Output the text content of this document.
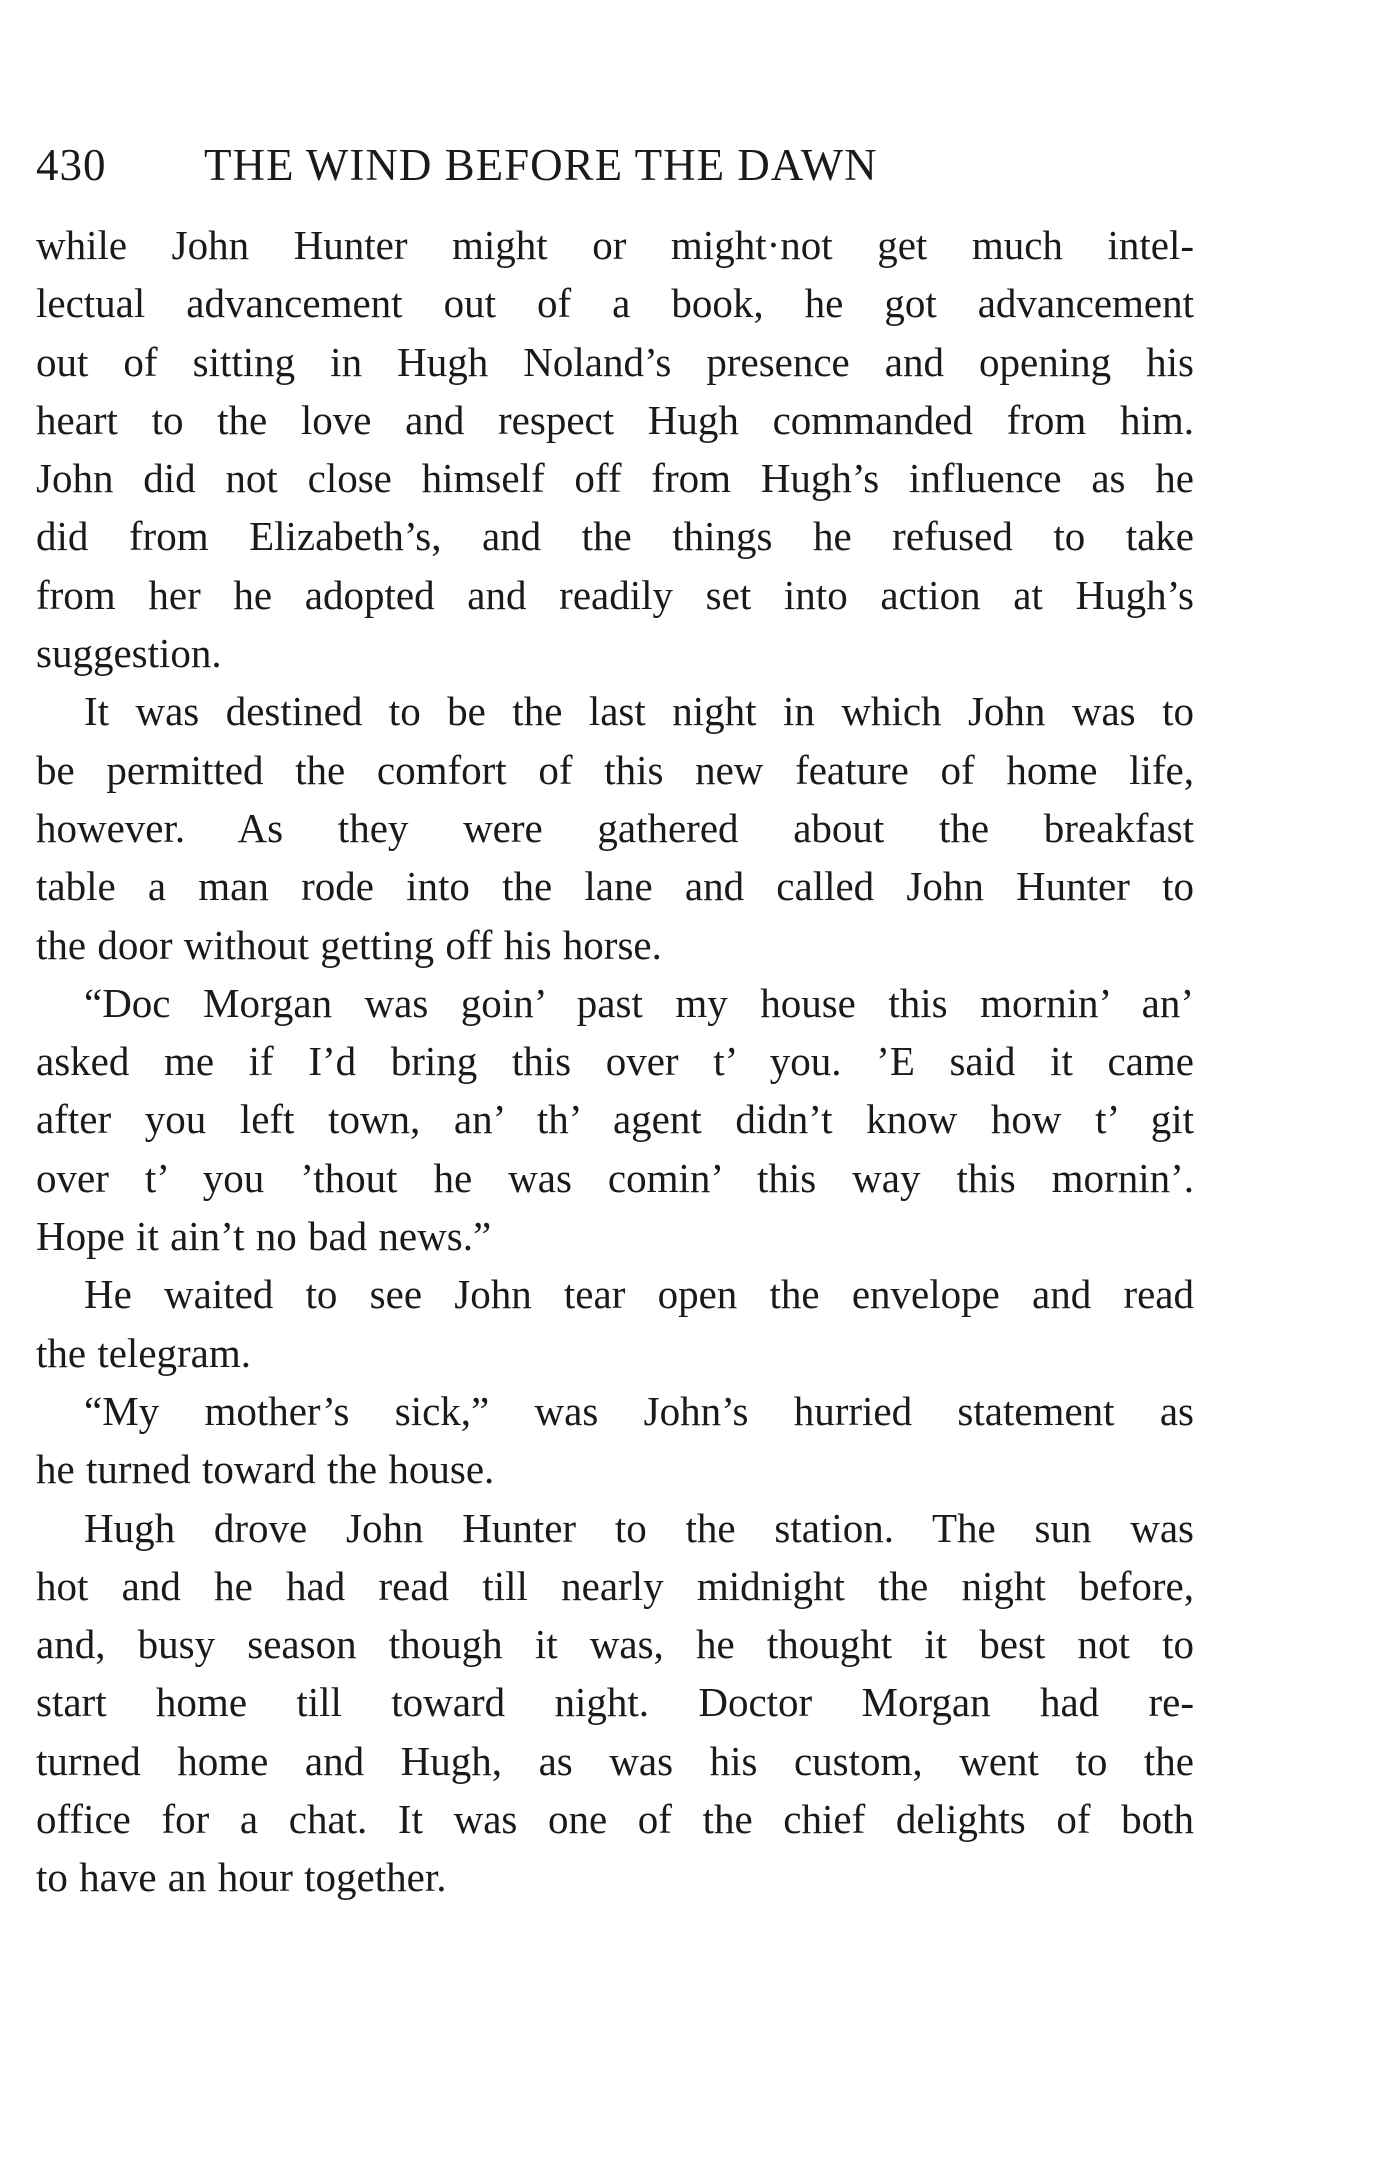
430 THE WIND BEFORE THE DAWN
while John Hunter might or might·not get much intel-
lectual advancement out of a book, he got advancement
out of sitting in Hugh Noland’s presence and opening his
heart to the love and respect Hugh commanded from him.
John did not close himself off from Hugh’s influence as he
did from Elizabeth’s, and the things he refused to take
from her he adopted and readily set into action at Hugh’s
suggestion.
It was destined to be the last night in which John was to
be permitted the comfort of this new feature of home life,
however. As they were gathered about the breakfast
table a man rode into the lane and called John Hunter to
the door without getting off his horse.
“Doc Morgan was goin’ past my house this mornin’ an’
asked me if I’d bring this over t’ you. ’E said it came
after you left town, an’ th’ agent didn’t know how t’ git
over t’ you ’thout he was comin’ this way this mornin’.
Hope it ain’t no bad news.”
He waited to see John tear open the envelope and read
the telegram.
“My mother’s sick,” was John’s hurried statement as
he turned toward the house.
Hugh drove John Hunter to the station. The sun was
hot and he had read till nearly midnight the night before,
and, busy season though it was, he thought it best not to
start home till toward night. Doctor Morgan had re-
turned home and Hugh, as was his custom, went to the
office for a chat. It was one of the chief delights of both
to have an hour together.
